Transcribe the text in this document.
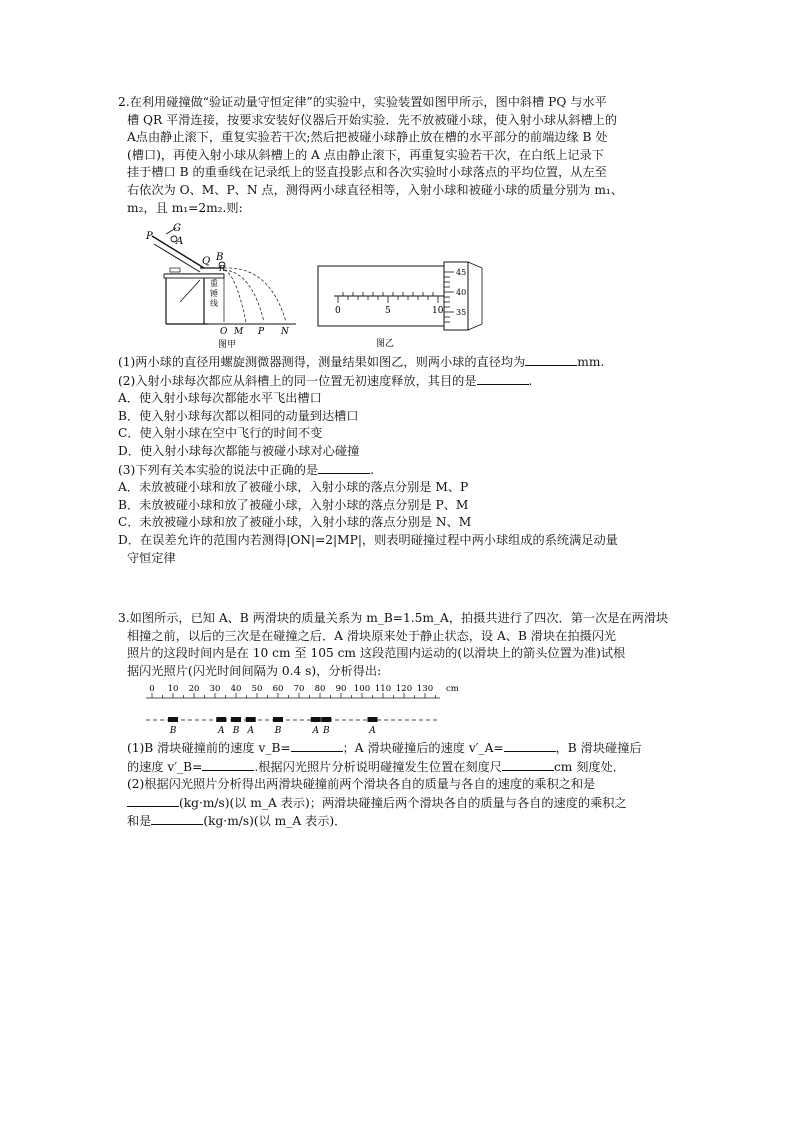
2.在利用碰撞做“验证动量守恒定律”的实验中，实验装置如图甲所示，图中斜槽 PQ 与水平
槽 QR 平滑连接，按要求安装好仪器后开始实验．先不放被碰小球，使入射小球从斜槽上的
A点由静止滚下，重复实验若干次;然后把被碰小球静止放在槽的水平部分的前端边缘 B 处
(槽口)，再使入射小球从斜槽上的 A 点由静止滚下，再重复实验若干次，在白纸上记录下
挂于槽口 B 的重垂线在记录纸上的竖直投影点和各次实验时小球落点的平均位置，从左至
右依次为 O、M、P、N 点，测得两小球直径相等，入射小球和被碰小球的质量分别为 m₁、
m₂，且 m₁=2m₂.则:
P
G
A
Q B
R
重
锤
线
O M P N
图甲
0	5	10
45
40
35
图乙
(1)两小球的直径用螺旋测微器测得，测量结果如图乙，则两小球的直径均为	mm.
(2)入射小球每次都应从斜槽上的同一位置无初速度释放，其目的是	.
A．使入射小球每次都能水平飞出槽口
B．使入射小球每次都以相同的动量到达槽口
C．使入射小球在空中飞行的时间不变
D．使入射小球每次都能与被碰小球对心碰撞
(3)下列有关本实验的说法中正确的是	.
A．未放被碰小球和放了被碰小球，入射小球的落点分别是 M、P
B．未放被碰小球和放了被碰小球，入射小球的落点分别是 P、M
C．未放被碰小球和放了被碰小球，入射小球的落点分别是 N、M
D．在误差允许的范围内若测得|ON|=2|MP|，则表明碰撞过程中两小球组成的系统满足动量
守恒定律
3.如图所示，已知 A、B 两滑块的质量关系为 m_B=1.5m_A，拍摄共进行了四次．第一次是在两滑块
相撞之前，以后的三次是在碰撞之后．A 滑块原来处于静止状态，设 A、B 滑块在拍摄闪光
照片的这段时间内是在 10 cm 至 105 cm 这段范围内运动的(以滑块上的箭头位置为准)试根
据闪光照片(闪光时间间隔为 0.4 s)，分析得出:
0 10 20 30 40 50 60 70 80 90 100 110 120 130 cm
B	A B A B	A B	A
(1)B 滑块碰撞前的速度 v_B=	；A 滑块碰撞后的速度 v′_A=	，B 滑块碰撞后
的速度 v′_B=	.根据闪光照片分析说明碰撞发生位置在刻度尺	cm 刻度处．
(2)根据闪光照片分析得出两滑块碰撞前两个滑块各自的质量与各自的速度的乘积之和是
(kg·m/s)(以 m_A 表示)；两滑块碰撞后两个滑块各自的质量与各自的速度的乘积之
和是	(kg·m/s)(以 m_A 表示)．
